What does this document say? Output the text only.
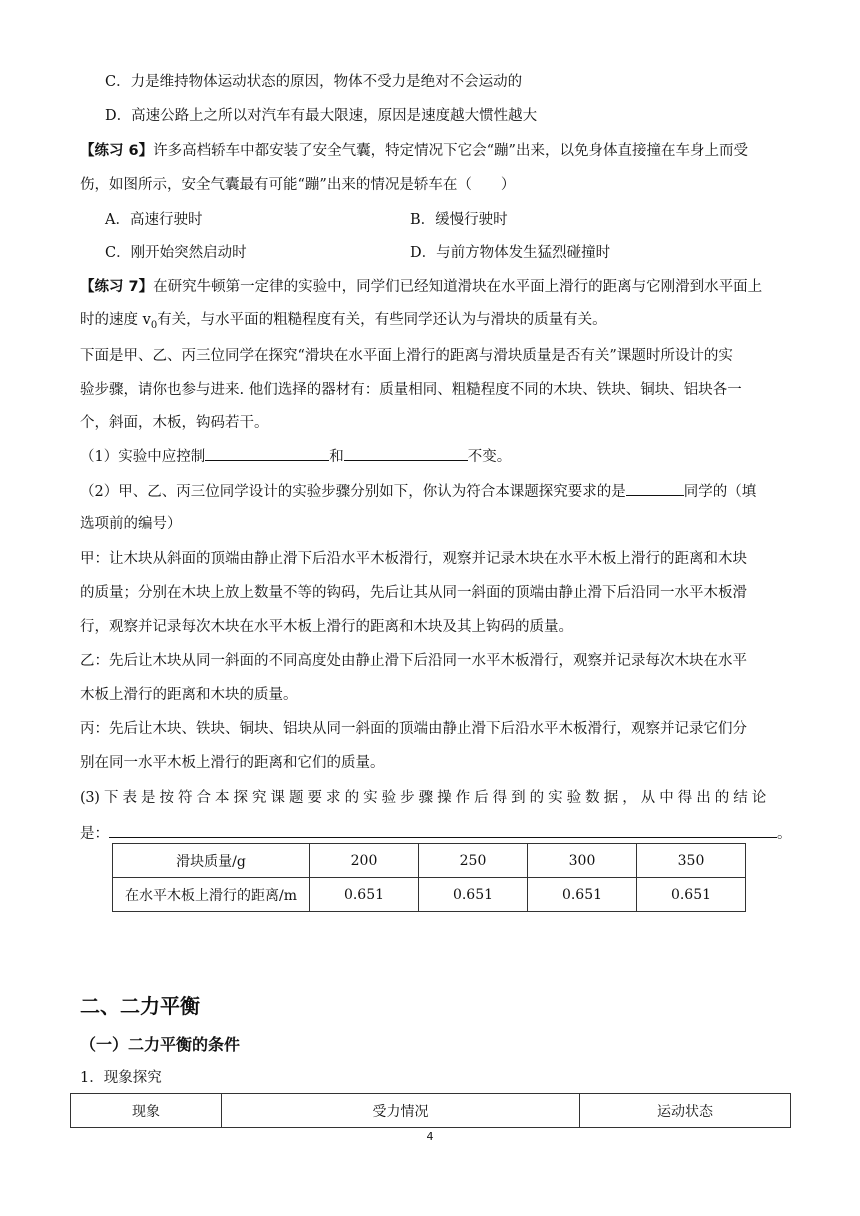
C．力是维持物体运动状态的原因，物体不受力是绝对不会运动的
D．高速公路上之所以对汽车有最大限速，原因是速度越大惯性越大
【练习 6】许多高档轿车中都安装了安全气囊，特定情况下它会“蹦”出来，以免身体直接撞在车身上而受
伤，如图所示，安全气囊最有可能“蹦”出来的情况是轿车在（　　）
A．高速行驶时	B．缓慢行驶时
C．刚开始突然启动时	D．与前方物体发生猛烈碰撞时
【练习 7】在研究牛顿第一定律的实验中，同学们已经知道滑块在水平面上滑行的距离与它刚滑到水平面上
时的速度 $v_0$有关，与水平面的粗糙程度有关，有些同学还认为与滑块的质量有关。
下面是甲、乙、丙三位同学在探究“滑块在水平面上滑行的距离与滑块质量是否有关”课题时所设计的实
验步骤，请你也参与进来. 他们选择的器材有：质量相同、粗糙程度不同的木块、铁块、铜块、铝块各一
个，斜面，木板，钩码若干。
（1）实验中应控制	和	不变。
（2）甲、乙、丙三位同学设计的实验步骤分别如下，你认为符合本课题探究要求的是	同学的（填
选项前的编号）
甲：让木块从斜面的顶端由静止滑下后沿水平木板滑行，观察并记录木块在水平木板上滑行的距离和木块
的质量；分别在木块上放上数量不等的钩码，先后让其从同一斜面的顶端由静止滑下后沿同一水平木板滑
行，观察并记录每次木块在水平木板上滑行的距离和木块及其上钩码的质量。
乙：先后让木块从同一斜面的不同高度处由静止滑下后沿同一水平木板滑行，观察并记录每次木块在水平
木板上滑行的距离和木块的质量。
丙：先后让木块、铁块、铜块、铝块从同一斜面的顶端由静止滑下后沿水平木板滑行，观察并记录它们分
别在同一水平木板上滑行的距离和它们的质量。
(3) 下 表 是 按 符 合 本 探 究 课 题 要 求 的 实 验 步 骤 操 作 后 得 到 的 实 验 数 据 ， 从 中 得 出 的 结 论
是：	。
滑块质量/g	200	250	300	350
在水平木板上滑行的距离/m	0.651	0.651	0.651	0.651
二、二力平衡
（一）二力平衡的条件
1．现象探究
现象	受力情况	运动状态
4
